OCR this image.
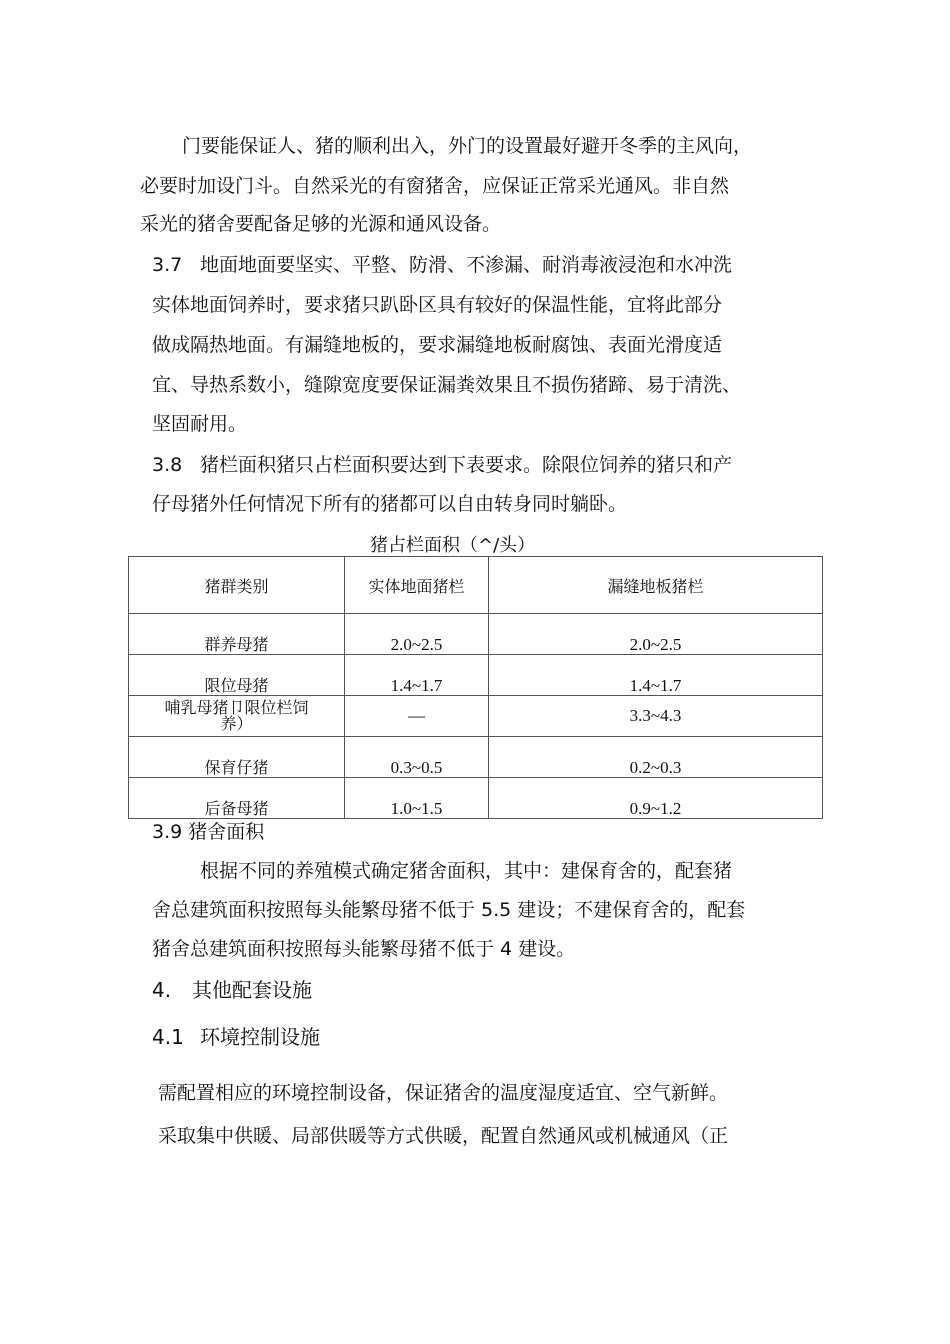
门要能保证人、猪的顺利出入，外门的设置最好避开冬季的主风向，
必要时加设门斗。自然采光的有窗猪舍，应保证正常采光通风。非自然
采光的猪舍要配备足够的光源和通风设备。
3.7 地面地面要坚实、平整、防滑、不渗漏、耐消毒液浸泡和水冲洗
实体地面饲养时，要求猪只趴卧区具有较好的保温性能，宜将此部分
做成隔热地面。有漏缝地板的，要求漏缝地板耐腐蚀、表面光滑度适
宜、导热系数小，缝隙宽度要保证漏粪效果且不损伤猪蹄、易于清洗、
坚固耐用。
3.8 猪栏面积猪只占栏面积要达到下表要求。除限位饲养的猪只和产
仔母猪外任何情况下所有的猪都可以自由转身同时躺卧。
猪占栏面积（^/头）
猪群类别	实体地面猪栏	漏缝地板猪栏
群养母猪	2.0~2.5	2.0~2.5
限位母猪	1.4~1.7	1.4~1.7

哺乳母猪卩限位栏饲
养）	—	3.3~4.3
保育仔猪	0.3~0.5	0.2~0.3
后备母猪	1.0~1.5	0.9~1.2
3.9 猪舍面积
根据不同的养殖模式确定猪舍面积，其中：建保育舍的，配套猪
舍总建筑面积按照每头能繁母猪不低于 5.5 建设；不建保育舍的，配套
猪舍总建筑面积按照每头能繁母猪不低于 4 建设。
4. 其他配套设施
4.1 环境控制设施
需配置相应的环境控制设备，保证猪舍的温度湿度适宜、空气新鲜。
采取集中供暖、局部供暖等方式供暖，配置自然通风或机械通风（正
